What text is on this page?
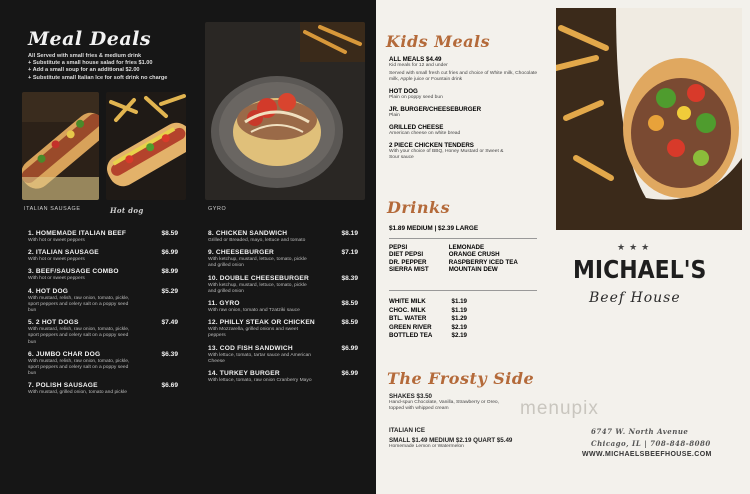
Meal Deals
All Served with small fries & medium drink
+ Substitute a small house salad for fries $1.00
+ Add a small soup for an additional $2.00
+ Substitute small Italian Ice for soft drink no charge
ITALIAN SAUSAGE	Hot dog	GYRO
1. HOMEMADE ITALIAN BEEF
With hot or sweet peppers
$8.59
2. ITALIAN SAUSAGE
With hot or sweet peppers
$6.99
3. BEEF/SAUSAGE COMBO
With hot or sweet peppers
$8.99
4. HOT DOG
With mustard, relish, raw onion, tomato, pickle, sport peppers and celery salt on a poppy seed bun
$5.29
5. 2 HOT DOGS
With mustard, relish, raw onion, tomato, pickle, sport peppers and celery salt on a poppy seed bun
$7.49
6. JUMBO CHAR DOG
With mustard, relish, raw onion, tomato, pickle, sport peppers and celery salt on a poppy seed bun
$6.39
7. POLISH SAUSAGE
With mustard, grilled onion, tomato and pickle
$6.69
8. CHICKEN SANDWICH
Grilled or Breaded, mayo, lettuce and tomato
$8.19
9. CHEESEBURGER
With ketchup, mustard, lettuce, tomato, pickle and grilled onion
$7.19
10. DOUBLE CHEESEBURGER
With ketchup, mustard, lettuce, tomato, pickle and grilled onion
$8.39
11. GYRO
With raw onion, tomato and Tzatziki sauce
$8.59
12. PHILLY STEAK OR CHICKEN
With Mozzarella, grilled onions and sweet peppers
$8.59
13. COD FISH SANDWICH
With lettuce, tomato, tartar sauce and American Cheese
$6.99
14. TURKEY BURGER
With lettuce, tomato, raw onion Cranberry Mayo
$6.99
Kids Meals
ALL MEALS $4.49
Kid meals for 12 and under
Served with small fresh cut fries and choice of White milk, Chocolate milk, Apple juice or Fountain drink
HOT DOG
Plain on poppy seed bun
JR. BURGER/CHEESEBURGER
Plain
GRILLED CHEESE
American cheese on white bread
2 PIECE CHICKEN TENDERS
With your choice of BBQ, Honey Mustard or Sweet & Sour sauce
Drinks
$1.89 MEDIUM | $2.39 LARGE
PEPSI
DIET PEPSI
DR. PEPPER
SIERRA MIST

LEMONADE
ORANGE CRUSH
RASPBERRY ICED TEA
MOUNTAIN DEW
WHITE MILK	$1.19
CHOC. MILK	$1.19
BTL. WATER	$1.29
GREEN RIVER	$2.19
BOTTLED TEA	$2.19
The Frosty Side
SHAKES $3.50
Hand-spun Chocolate, Vanilla, Strawberry or Oreo, topped with whipped cream
ITALIAN ICE
SMALL $1.49 MEDIUM $2.19 QUART $5.49
Homemade Lemon or Watermelon
★★★
MICHAEL'S
Beef House
menupix
6747 W. North Avenue
Chicago, IL | 708-848-8080
WWW.MICHAELSBEEFHOUSE.COM
